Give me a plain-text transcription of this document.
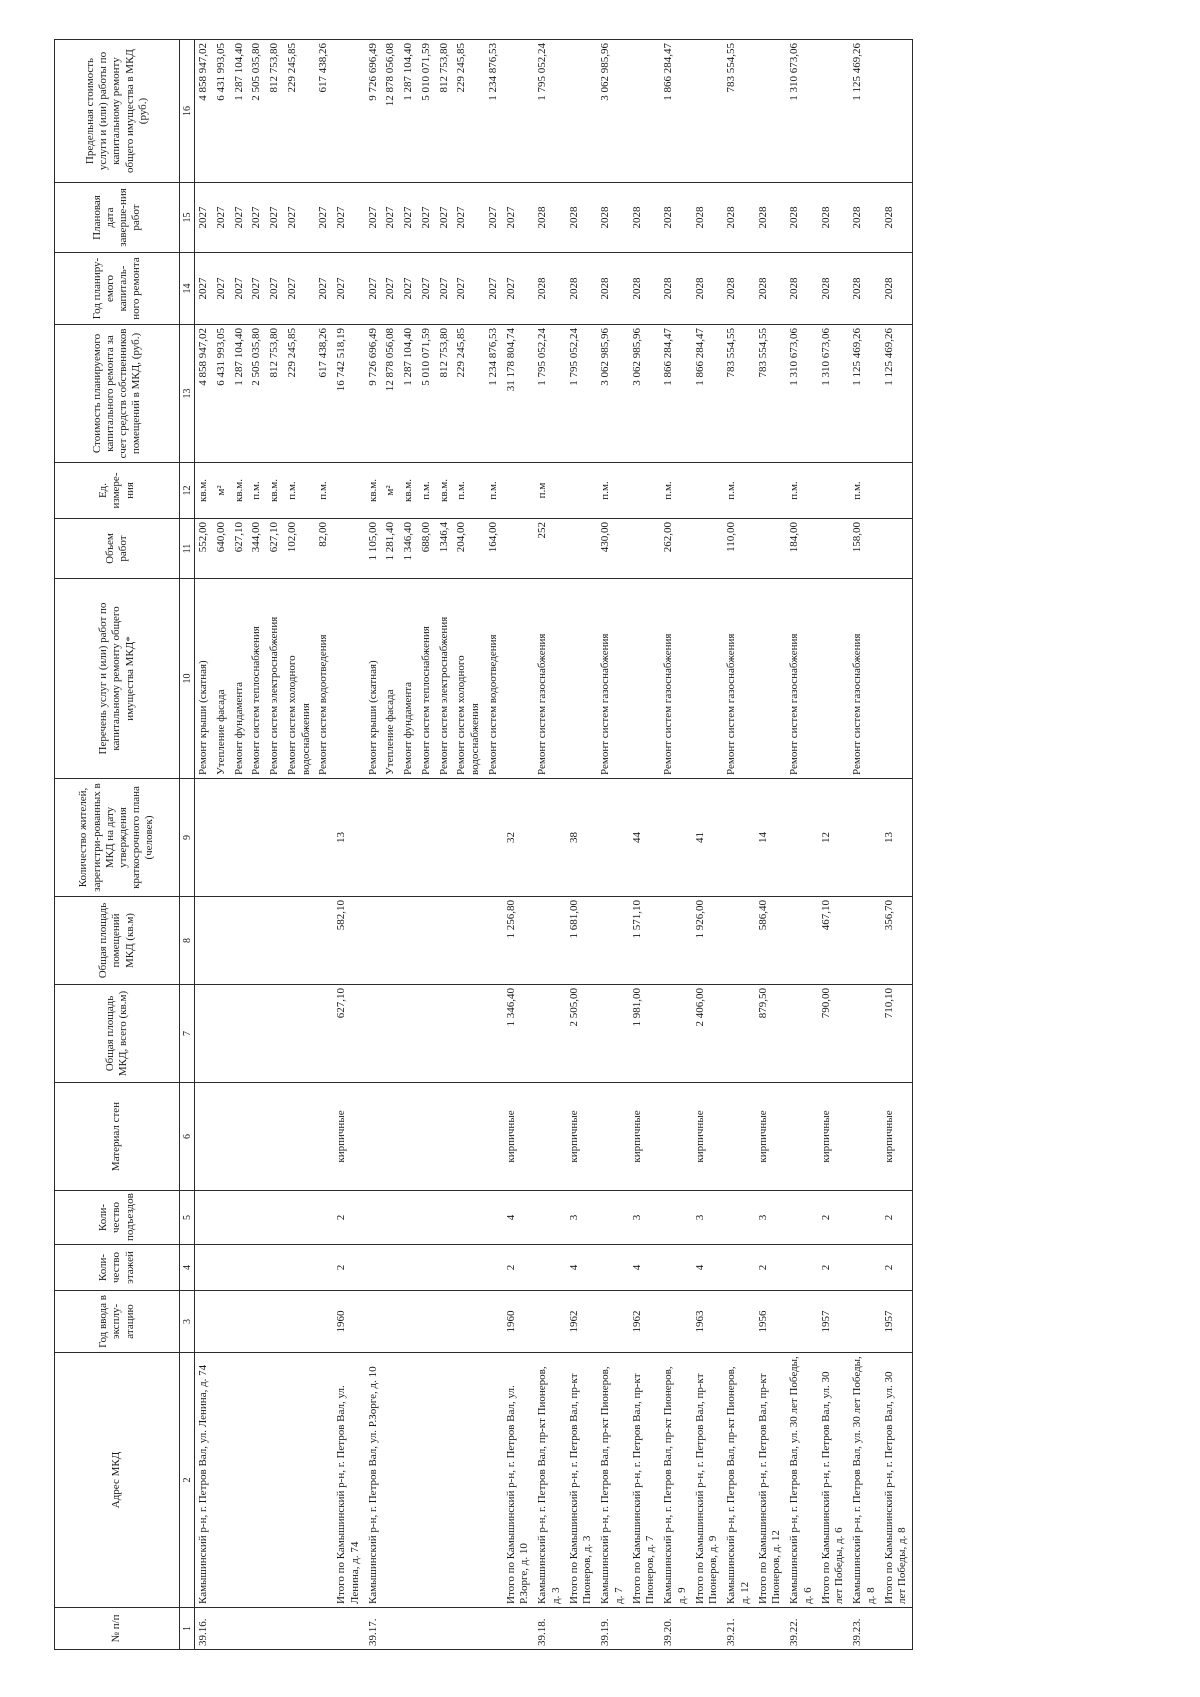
№ п/п	Адрес МКД	Год ввода в эксплу-атацию	Коли-чество этажей	Коли-чество подъездов	Материал стен	Общая площадь МКД, всего (кв.м)	Общая площадь помещений МКД (кв.м)	Количество жителей, зарегистри-рованных в МКД на дату утверждения краткосрочного плана (человек)	Перечень услуг и (или) работ по капитальному ремонту общего имущества МКД*	Объем работ	Ед. измере-ния	Стоимость планируемого капитального ремонта за счет средств собственников помещений в МКД, (руб.)	Год планиру-емого капиталь-ного ремонта	Плановая дата заверше-ния работ	Предельная стоимость услуги и (или) работы по капитальному ремонту общего имущества в МКД (руб.)
1	2	3	4	5	6	7	8	9	10	11	12	13	14	15	16
39.16.	Камышинский р-н, г. Петров Вал, ул. Ленина, д. 74								Ремонт крыши (скатная)	552,00	кв.м.	4 858 947,02	2027	2027	4 858 947,02
									Утепление фасада	640,00	м²	6 431 993,05	2027	2027	6 431 993,05
									Ремонт фундамента	627,10	кв.м.	1 287 104,40	2027	2027	1 287 104,40
									Ремонт систем теплоснабжения	344,00	п.м.	2 505 035,80	2027	2027	2 505 035,80
									Ремонт систем электроснабжения	627,10	кв.м.	812 753,80	2027	2027	812 753,80
									Ремонт систем холодного водоснабжения	102,00	п.м.	229 245,85	2027	2027	229 245,85
									Ремонт систем водоотведения	82,00	п.м.	617 438,26	2027	2027	617 438,26
	Итого по Камышинский р-н, г. Петров Вал, ул. Ленина, д. 74	1960	2	2	кирпичные	627,10	582,10	13				16 742 518,19	2027	2027	
39.17.	Камышинский р-н, г. Петров Вал, ул. Р.Зорге, д. 10								Ремонт крыши (скатная)	1 105,00	кв.м.	9 726 696,49	2027	2027	9 726 696,49
									Утепление фасада	1 281,40	м²	12 878 056,08	2027	2027	12 878 056,08
									Ремонт фундамента	1 346,40	кв.м.	1 287 104,40	2027	2027	1 287 104,40
									Ремонт систем теплоснабжения	688,00	п.м.	5 010 071,59	2027	2027	5 010 071,59
									Ремонт систем электроснабжения	1346,4	кв.м.	812 753,80	2027	2027	812 753,80
									Ремонт систем холодного водоснабжения	204,00	п.м.	229 245,85	2027	2027	229 245,85
									Ремонт систем водоотведения	164,00	п.м.	1 234 876,53	2027	2027	1 234 876,53
	Итого по Камышинский р-н, г. Петров Вал, ул. Р.Зорге, д. 10	1960	2	4	кирпичные	1 346,40	1 256,80	32				31 178 804,74	2027	2027	
39.18.	Камышинский р-н, г. Петров Вал, пр-кт Пионеров, д. 3								Ремонт систем газоснабжения	252	п.м	1 795 052,24	2028	2028	1 795 052,24
	Итого по Камышинский р-н, г. Петров Вал, пр-кт Пионеров, д. 3	1962	4	3	кирпичные	2 505,00	1 681,00	38				1 795 052,24	2028	2028	
39.19.	Камышинский р-н, г. Петров Вал, пр-кт Пионеров, д. 7								Ремонт систем газоснабжения	430,00	п.м.	3 062 985,96	2028	2028	3 062 985,96
	Итого по Камышинский р-н, г. Петров Вал, пр-кт Пионеров, д. 7	1962	4	3	кирпичные	1 981,00	1 571,10	44				3 062 985,96	2028	2028	
39.20.	Камышинский р-н, г. Петров Вал, пр-кт Пионеров, д. 9								Ремонт систем газоснабжения	262,00	п.м.	1 866 284,47	2028	2028	1 866 284,47
	Итого по Камышинский р-н, г. Петров Вал, пр-кт Пионеров, д. 9	1963	4	3	кирпичные	2 406,00	1 926,00	41				1 866 284,47	2028	2028	
39.21.	Камышинский р-н, г. Петров Вал, пр-кт Пионеров, д. 12								Ремонт систем газоснабжения	110,00	п.м.	783 554,55	2028	2028	783 554,55
	Итого по Камышинский р-н, г. Петров Вал, пр-кт Пионеров, д. 12	1956	2	3	кирпичные	879,50	586,40	14				783 554,55	2028	2028	
39.22.	Камышинский р-н, г. Петров Вал, ул. 30 лет Победы, д. 6								Ремонт систем газоснабжения	184,00	п.м.	1 310 673,06	2028	2028	1 310 673,06
	Итого по Камышинский р-н, г. Петров Вал, ул. 30 лет Победы, д. 6	1957	2	2	кирпичные	790,00	467,10	12				1 310 673,06	2028	2028	
39.23.	Камышинский р-н, г. Петров Вал, ул. 30 лет Победы, д. 8								Ремонт систем газоснабжения	158,00	п.м.	1 125 469,26	2028	2028	1 125 469,26
	Итого по Камышинский р-н, г. Петров Вал, ул. 30 лет Победы, д. 8	1957	2	2	кирпичные	710,10	356,70	13				1 125 469,26	2028	2028	
